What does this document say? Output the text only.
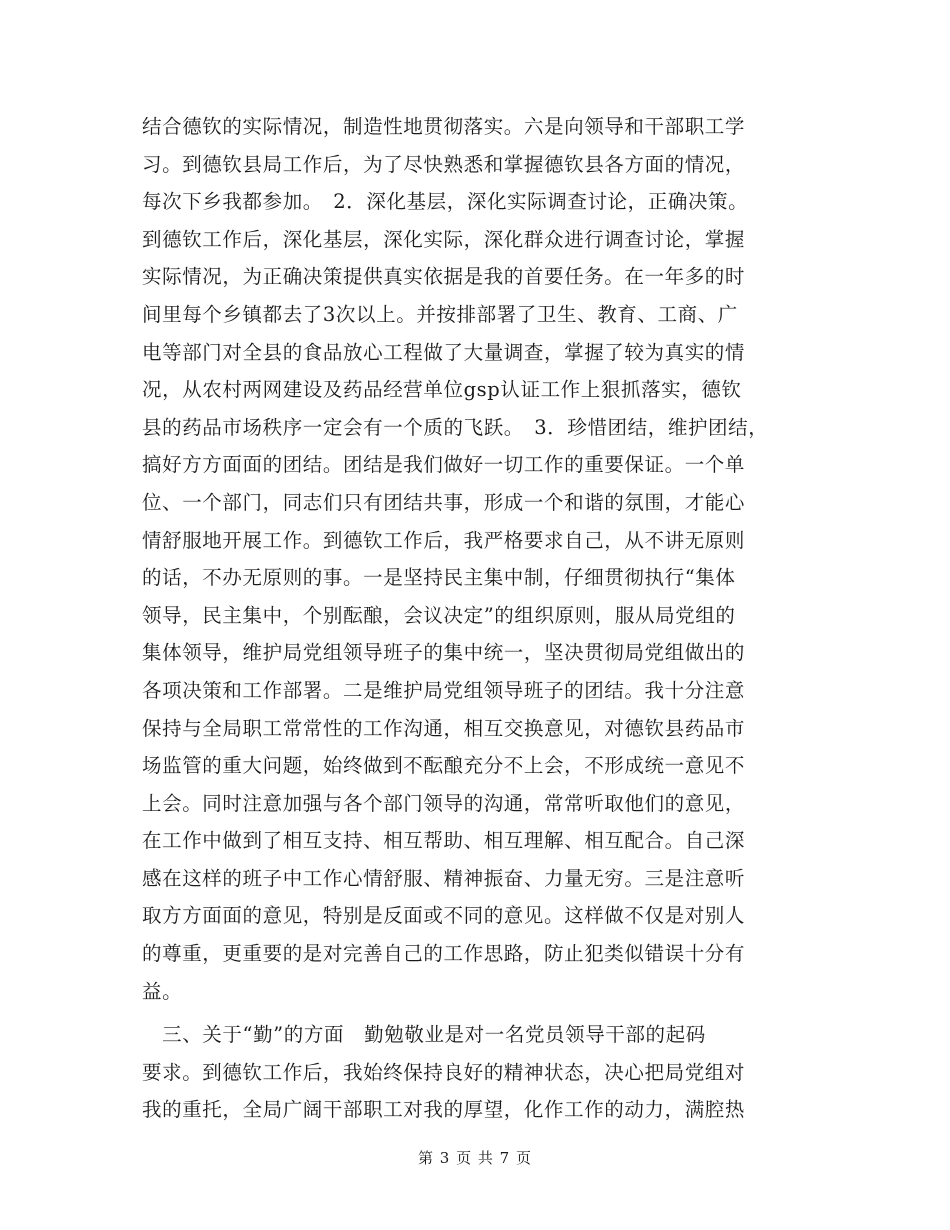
结合德钦的实际情况，制造性地贯彻落实。六是向领导和干部职工学
习。到德钦县局工作后，为了尽快熟悉和掌握德钦县各方面的情况，
每次下乡我都参加。　2．深化基层，深化实际调查讨论，正确决策。
到德钦工作后，深化基层，深化实际，深化群众进行调查讨论，掌握
实际情况，为正确决策提供真实依据是我的首要任务。在一年多的时
间里每个乡镇都去了3次以上。并按排部署了卫生、教育、工商、广
电等部门对全县的食品放心工程做了大量调查，掌握了较为真实的情
况，从农村两网建设及药品经营单位gsp认证工作上狠抓落实，德钦
县的药品市场秩序一定会有一个质的飞跃。　3．珍惜团结，维护团结，
搞好方方面面的团结。团结是我们做好一切工作的重要保证。一个单
位、一个部门，同志们只有团结共事，形成一个和谐的氛围，才能心
情舒服地开展工作。到德钦工作后，我严格要求自己，从不讲无原则
的话，不办无原则的事。一是坚持民主集中制，仔细贯彻执行“集体
领导，民主集中，个别酝酿，会议决定”的组织原则，服从局党组的
集体领导，维护局党组领导班子的集中统一，坚决贯彻局党组做出的
各项决策和工作部署。二是维护局党组领导班子的团结。我十分注意
保持与全局职工常常性的工作沟通，相互交换意见，对德钦县药品市
场监管的重大问题，始终做到不酝酿充分不上会，不形成统一意见不
上会。同时注意加强与各个部门领导的沟通，常常听取他们的意见，
在工作中做到了相互支持、相互帮助、相互理解、相互配合。自己深
感在这样的班子中工作心情舒服、精神振奋、力量无穷。三是注意听
取方方面面的意见，特别是反面或不同的意见。这样做不仅是对别人
的尊重，更重要的是对完善自己的工作思路，防止犯类似错误十分有
益。
　三、关于“勤”的方面　勤勉敬业是对一名党员领导干部的起码
要求。到德钦工作后，我始终保持良好的精神状态，决心把局党组对
我的重托，全局广阔干部职工对我的厚望，化作工作的动力，满腔热
第 3 页 共 7 页
